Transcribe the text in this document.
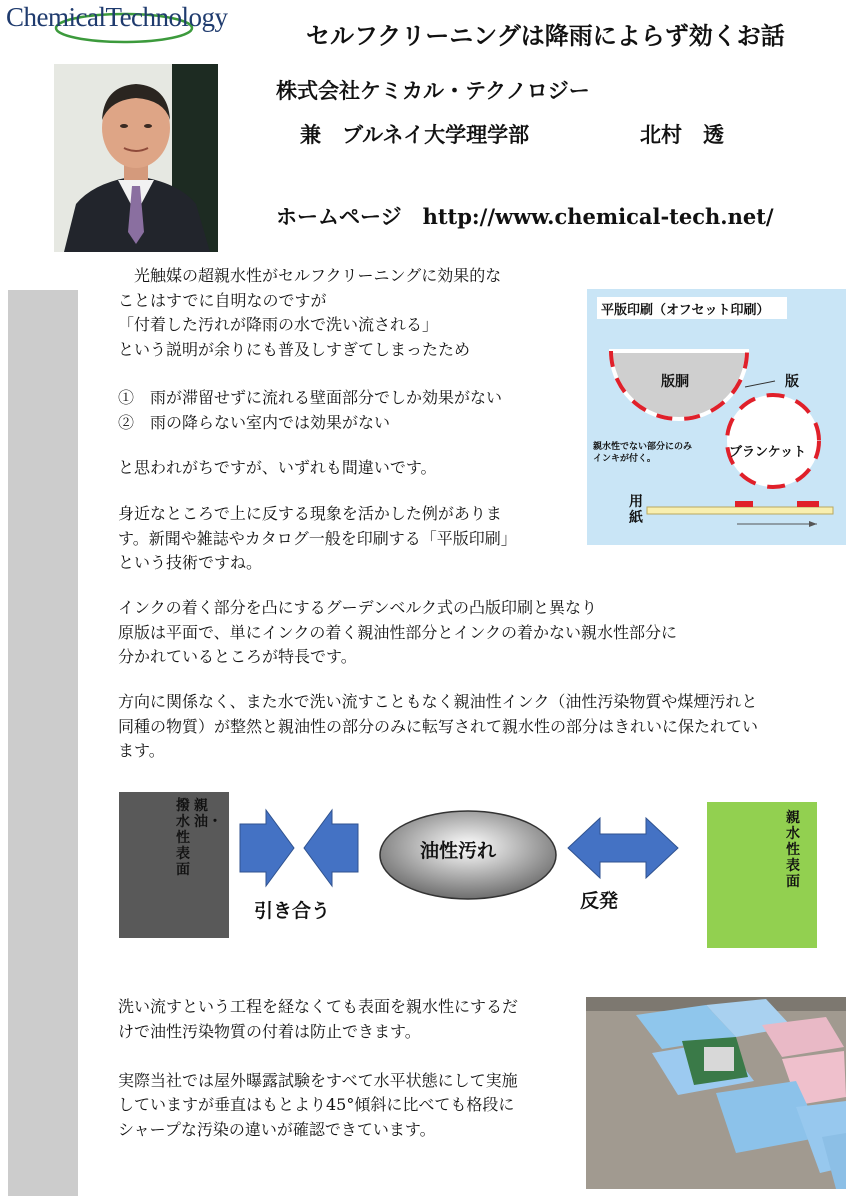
ChemicalTechnology
セルフクリーニングは降雨によらず効くお話
株式会社ケミカル・テクノロジー
兼　ブルネイ大学理学部	北村　透
ホームページ　http://www.chemical-tech.net/
　光触媒の超親水性がセルフクリーニングに効果的な
ことはすでに自明なのですが
「付着した汚れが降雨の水で洗い流される」
という説明が余りにも普及しすぎてしまったため
①　雨が滞留せずに流れる壁面部分でしか効果がない
②　雨の降らない室内では効果がない
と思われがちですが、いずれも間違いです。
身近なところで上に反する現象を活かした例がありま
す。新聞や雑誌やカタログ一般を印刷する「平版印刷」
という技術ですね。
平版印刷（オフセット印刷）
版胴	版
ブランケット
親水性でない部分にのみ
インキが付く。
用紙
インクの着く部分を凸にするグーデンベルク式の凸版印刷と異なり
原版は平面で、単にインクの着く親油性部分とインクの着かない親水性部分に
分かれているところが特長です。
方向に関係なく、また水で洗い流すこともなく親油性インク（油性汚染物質や煤煙汚れと
同種の物質）が整然と親油性の部分のみに転写されて親水性の部分はきれいに保たれてい
ます。
親油・
撥水性表面
油性汚れ
引き合う	反発
親水性表面
洗い流すという工程を経なくても表面を親水性にするだ
けで油性汚染物質の付着は防止できます。
実際当社では屋外曝露試験をすべて水平状態にして実施
していますが垂直はもとより45°傾斜に比べても格段に
シャープな汚染の違いが確認できています。
